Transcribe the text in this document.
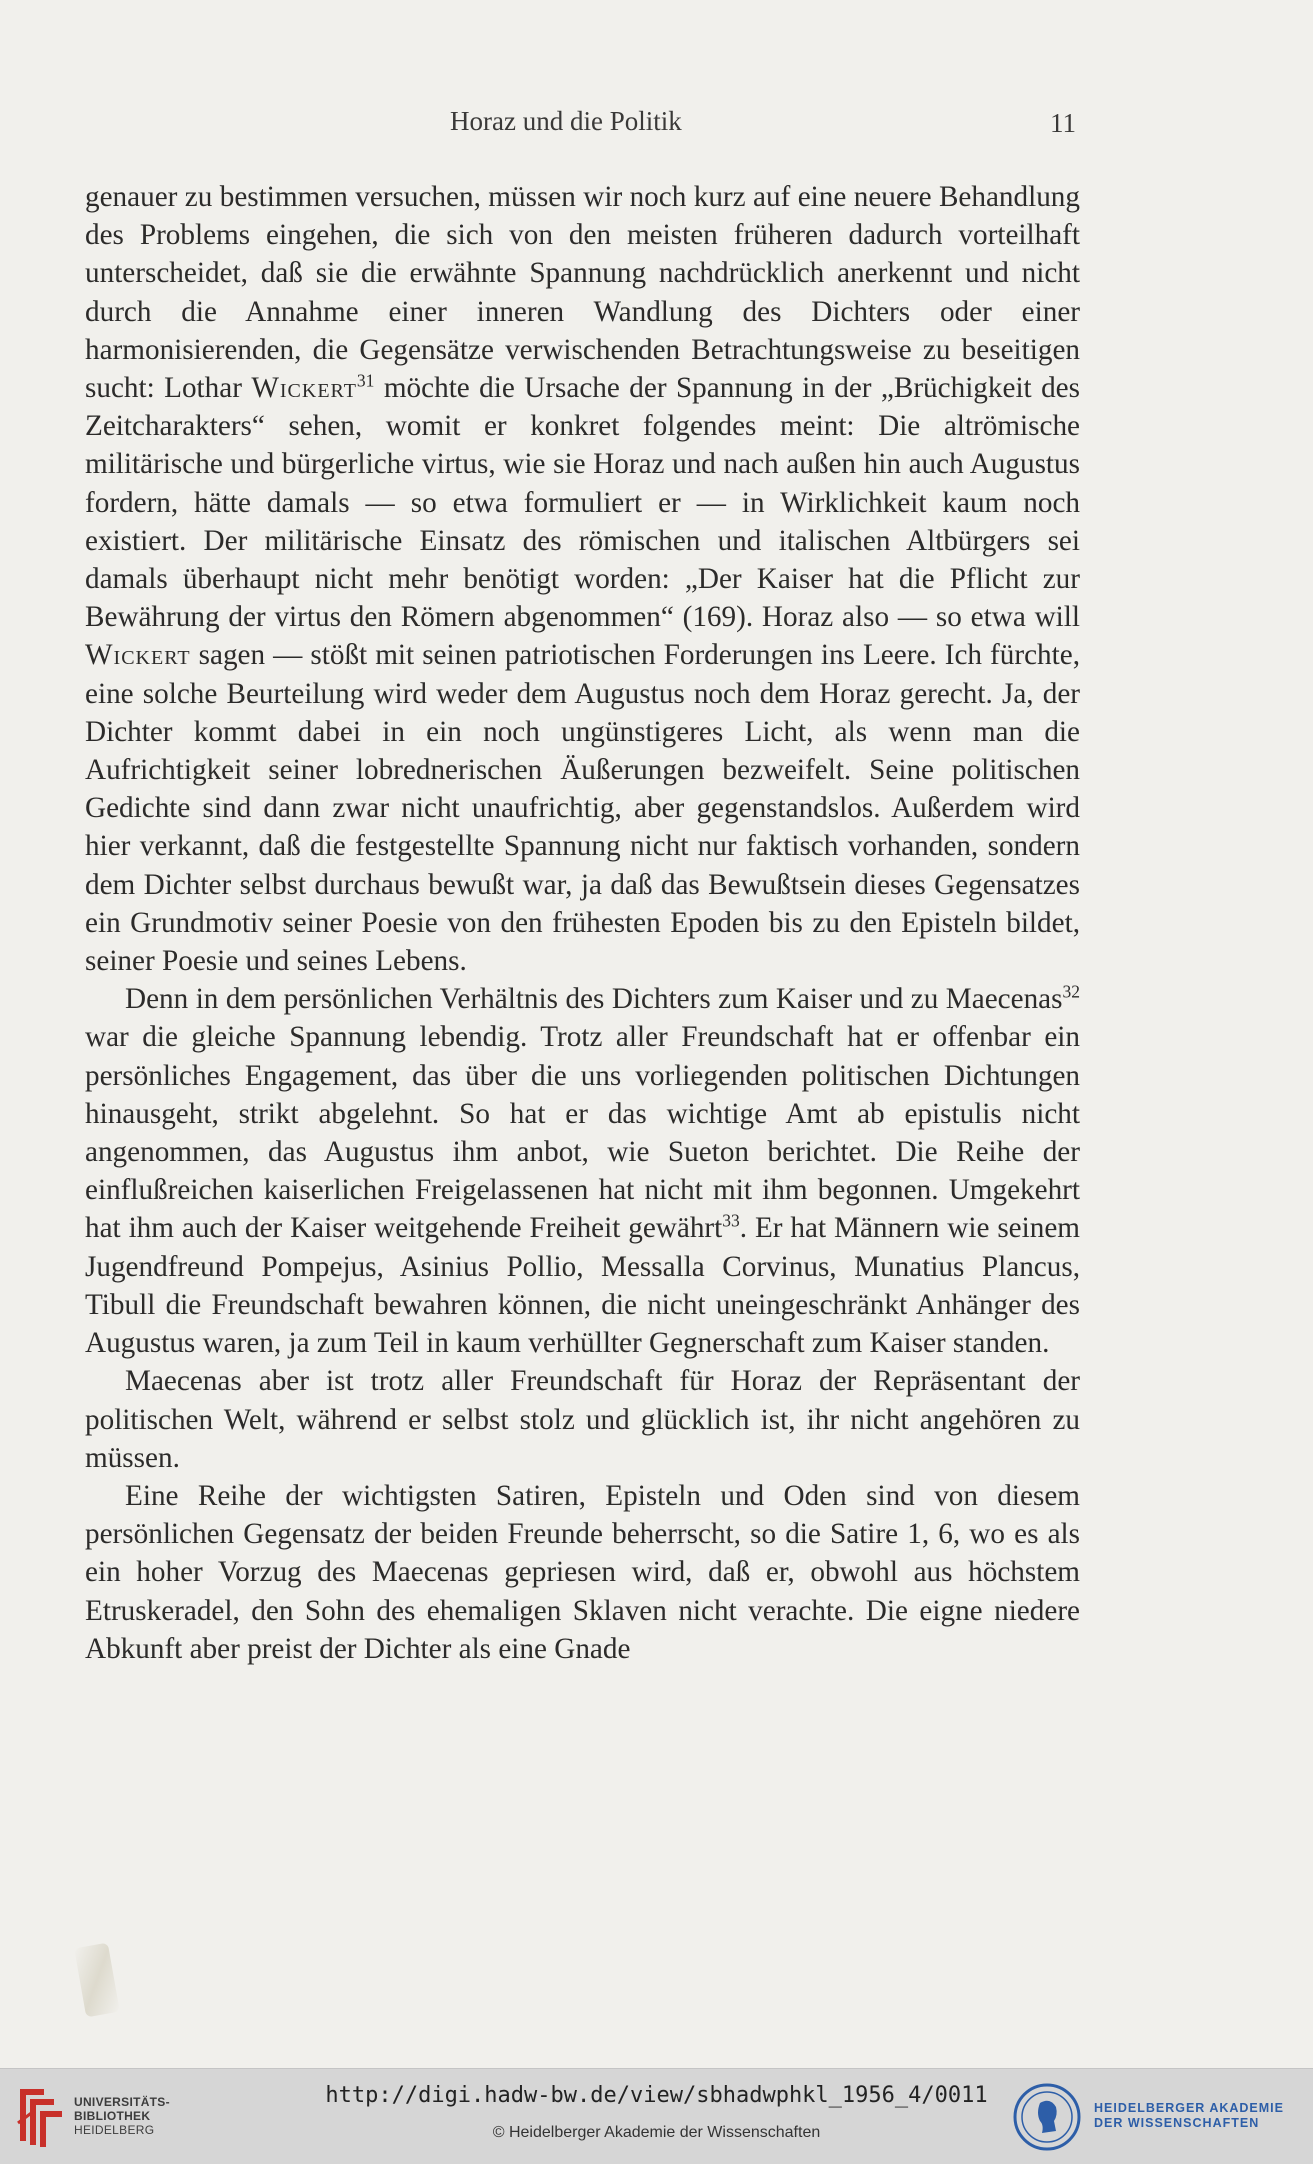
Horaz und die Politik	11

genauer zu bestimmen versuchen, müssen wir noch kurz auf eine neuere Behandlung des Problems eingehen, die sich von den meisten früheren dadurch vorteilhaft unterscheidet, daß sie die erwähnte Spannung nachdrücklich anerkennt und nicht durch die Annahme einer inneren Wandlung des Dichters oder einer harmonisierenden, die Gegensätze verwischenden Betrachtungsweise zu beseitigen sucht: Lothar Wickert$^{31}$ möchte die Ursache der Spannung in der „Brüchigkeit des Zeitcharakters“ sehen, womit er konkret folgendes meint: Die altrömische militärische und bürgerliche virtus, wie sie Horaz und nach außen hin auch Augustus fordern, hätte damals — so etwa formuliert er — in Wirklichkeit kaum noch existiert. Der militärische Einsatz des römischen und italischen Altbürgers sei damals überhaupt nicht mehr benötigt worden: „Der Kaiser hat die Pflicht zur Bewährung der virtus den Römern abgenommen“ (169). Horaz also — so etwa will Wickert sagen — stößt mit seinen patriotischen Forderungen ins Leere. Ich fürchte, eine solche Beurteilung wird weder dem Augustus noch dem Horaz gerecht. Ja, der Dichter kommt dabei in ein noch ungünstigeres Licht, als wenn man die Aufrichtigkeit seiner lobrednerischen Äußerungen bezweifelt. Seine politischen Gedichte sind dann zwar nicht unaufrichtig, aber gegenstandslos. Außerdem wird hier verkannt, daß die festgestellte Spannung nicht nur faktisch vorhanden, sondern dem Dichter selbst durchaus bewußt war, ja daß das Bewußtsein dieses Gegensatzes ein Grundmotiv seiner Poesie von den frühesten Epoden bis zu den Episteln bildet, seiner Poesie und seines Lebens.

Denn in dem persönlichen Verhältnis des Dichters zum Kaiser und zu Maecenas$^{32}$ war die gleiche Spannung lebendig. Trotz aller Freundschaft hat er offenbar ein persönliches Engagement, das über die uns vorliegenden politischen Dichtungen hinausgeht, strikt abgelehnt. So hat er das wichtige Amt ab epistulis nicht angenommen, das Augustus ihm anbot, wie Sueton berichtet. Die Reihe der einflußreichen kaiserlichen Freigelassenen hat nicht mit ihm begonnen. Umgekehrt hat ihm auch der Kaiser weitgehende Freiheit gewährt$^{33}$. Er hat Männern wie seinem Jugendfreund Pompejus, Asinius Pollio, Messalla Corvinus, Munatius Plancus, Tibull die Freundschaft bewahren können, die nicht uneingeschränkt Anhänger des Augustus waren, ja zum Teil in kaum verhüllter Gegnerschaft zum Kaiser standen.

Maecenas aber ist trotz aller Freundschaft für Horaz der Repräsentant der politischen Welt, während er selbst stolz und glücklich ist, ihr nicht angehören zu müssen.

Eine Reihe der wichtigsten Satiren, Episteln und Oden sind von diesem persönlichen Gegensatz der beiden Freunde beherrscht, so die Satire 1, 6, wo es als ein hoher Vorzug des Maecenas gepriesen wird, daß er, obwohl aus höchstem Etruskeradel, den Sohn des ehemaligen Sklaven nicht verachte. Die eigne niedere Abkunft aber preist der Dichter als eine Gnade

UNIVERSITÄTS-
BIBLIOTHEK
HEIDELBERG
http://digi.hadw-bw.de/view/sbhadwphkl_1956_4/0011
© Heidelberger Akademie der Wissenschaften
HEIDELBERGER AKADEMIE
DER WISSENSCHAFTEN
